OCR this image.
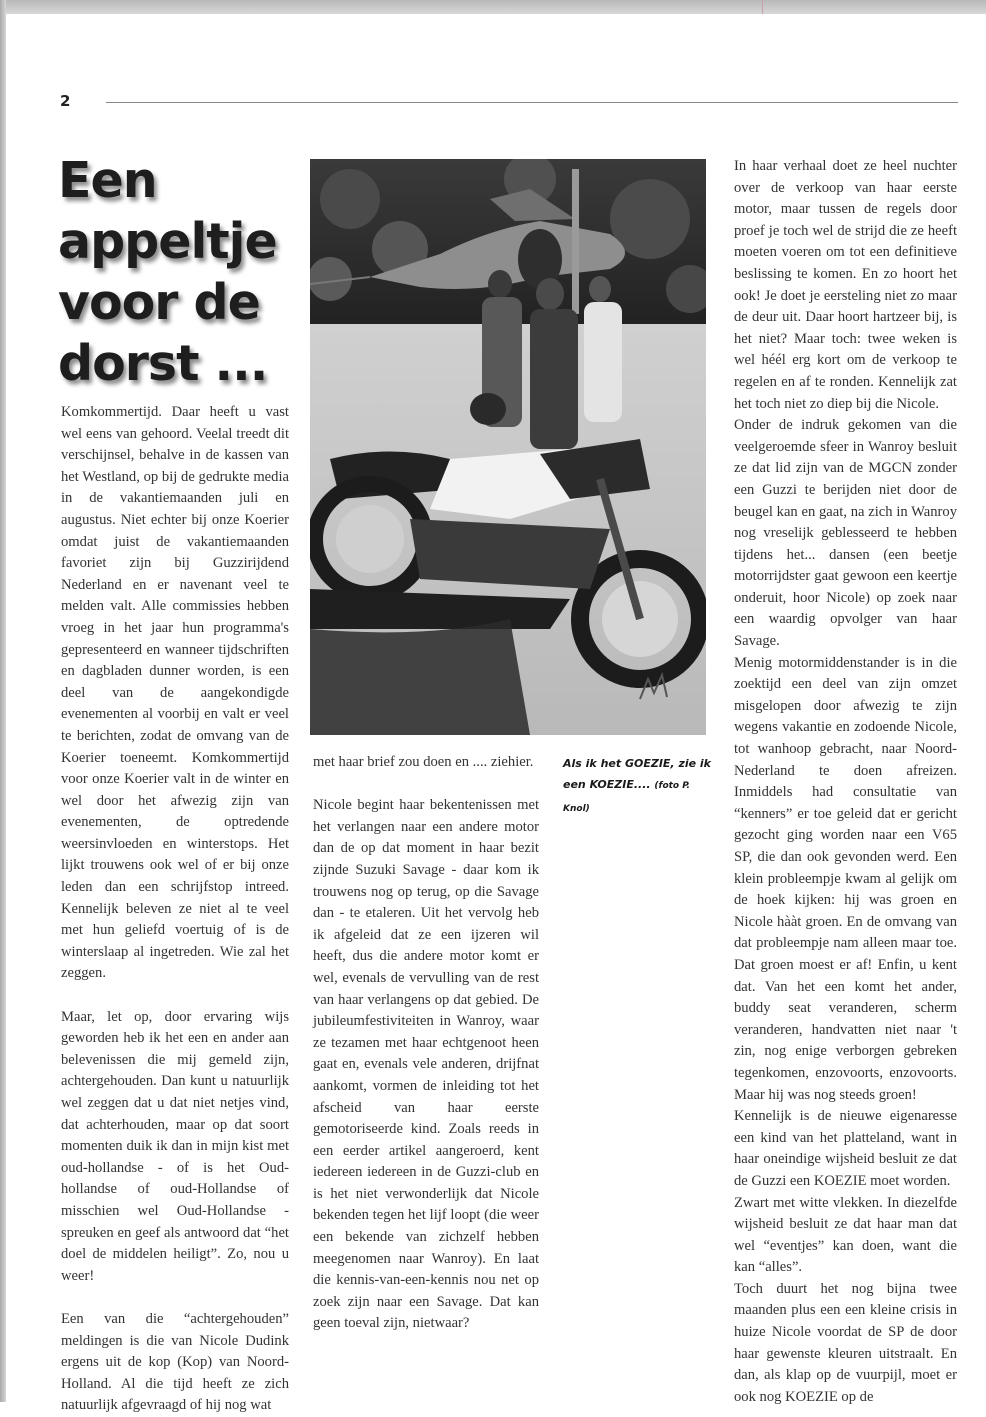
2
Een
appeltje
voor de
dorst ...

Komkommertijd. Daar heeft u vast wel eens van gehoord. Veelal treedt dit verschijnsel, behalve in de kassen van het Westland, op bij de gedrukte media in de vakantiemaanden juli en augustus. Niet echter bij onze Koerier omdat juist de vakantiemaanden favoriet zijn bij Guzzirijdend Nederland en er navenant veel te melden valt. Alle commissies hebben vroeg in het jaar hun programma's gepresenteerd en wanneer tijdschriften en dagbladen dunner worden, is een deel van de aangekondigde evenementen al voorbij en valt er veel te berichten, zodat de omvang van de Koerier toeneemt. Komkommertijd voor onze Koerier valt in de winter en wel door het afwezig zijn van evenementen, de optredende weersinvloeden en winterstops. Het lijkt trouwens ook wel of er bij onze leden dan een schrijfstop intreed. Kennelijk beleven ze niet al te veel met hun geliefd voertuig of is de winterslaap al ingetreden. Wie zal het zeggen.

Maar, let op, door ervaring wijs geworden heb ik het een en ander aan belevenissen die mij gemeld zijn, achtergehouden. Dan kunt u natuurlijk wel zeggen dat u dat niet netjes vind, dat achterhouden, maar op dat soort momenten duik ik dan in mijn kist met oud-hollandse - of is het Oud-hollandse of oud-Hollandse of misschien wel Oud-Hollandse - spreuken en geef als antwoord dat “het doel de middelen heiligt”. Zo, nou u weer!

Een van die “achtergehouden” meldingen is die van Nicole Dudink ergens uit de kop (Kop) van Noord-Holland. Al die tijd heeft ze zich natuurlijk afgevraagd of hij nog wat

Als ik het GOEZIE, zie ik een KOEZIE.... (foto P. Knol)

met haar brief zou doen en .... ziehier.

Nicole begint haar bekentenissen met het verlangen naar een andere motor dan de op dat moment in haar bezit zijnde Suzuki Savage - daar kom ik trouwens nog op terug, op die Savage dan - te etaleren. Uit het vervolg heb ik afgeleid dat ze een ijzeren wil heeft, dus die andere motor komt er wel, evenals de vervulling van de rest van haar verlangens op dat gebied. De jubileumfestiviteiten in Wanroy, waar ze tezamen met haar echtgenoot heen gaat en, evenals vele anderen, drijfnat aankomt, vormen de inleiding tot het afscheid van haar eerste gemotoriseerde kind. Zoals reeds in een eerder artikel aangeroerd, kent iedereen iedereen in de Guzzi-club en is het niet verwonderlijk dat Nicole bekenden tegen het lijf loopt (die weer een bekende van zichzelf hebben meegenomen naar Wanroy). En laat die kennis-van-een-kennis nou net op zoek zijn naar een Savage. Dat kan geen toeval zijn, nietwaar?

In haar verhaal doet ze heel nuchter over de verkoop van haar eerste motor, maar tussen de regels door proef je toch wel de strijd die ze heeft moeten voeren om tot een definitieve beslissing te komen. En zo hoort het ook! Je doet je eersteling niet zo maar de deur uit. Daar hoort hartzeer bij, is het niet? Maar toch: twee weken is wel héél erg kort om de verkoop te regelen en af te ronden. Kennelijk zat het toch niet zo diep bij die Nicole.

Onder de indruk gekomen van die veelgeroemde sfeer in Wanroy besluit ze dat lid zijn van de MGCN zonder een Guzzi te berijden niet door de beugel kan en gaat, na zich in Wanroy nog vreselijk geblesseerd te hebben tijdens het... dansen (een beetje motorrijdster gaat gewoon een keertje onderuit, hoor Nicole) op zoek naar een waardig opvolger van haar Savage.

Menig motormiddenstander is in die zoektijd een deel van zijn omzet misgelopen door afwezig te zijn wegens vakantie en zodoende Nicole, tot wanhoop gebracht, naar Noord-Nederland te doen afreizen. Inmiddels had consultatie van “kenners” er toe geleid dat er gericht gezocht ging worden naar een V65 SP, die dan ook gevonden werd. Een klein probleempje kwam al gelijk om de hoek kijken: hij was groen en Nicole hààt groen. En de omvang van dat probleempje nam alleen maar toe. Dat groen moest er af! Enfin, u kent dat. Van het een komt het ander, buddy seat veranderen, scherm veranderen, handvatten niet naar 't zin, nog enige verborgen gebreken tegenkomen, enzovoorts, enzovoorts. Maar hij was nog steeds groen!

Kennelijk is de nieuwe eigenaresse een kind van het platteland, want in haar oneindige wijsheid besluit ze dat de Guzzi een KOEZIE moet worden.

Zwart met witte vlekken. In diezelfde wijsheid besluit ze dat haar man dat wel “eventjes” kan doen, want die kan “alles”.

Toch duurt het nog bijna twee maanden plus een een kleine crisis in huize Nicole voordat de SP de door haar gewenste kleuren uitstraalt. En dan, als klap op de vuurpijl, moet er ook nog KOEZIE op de
